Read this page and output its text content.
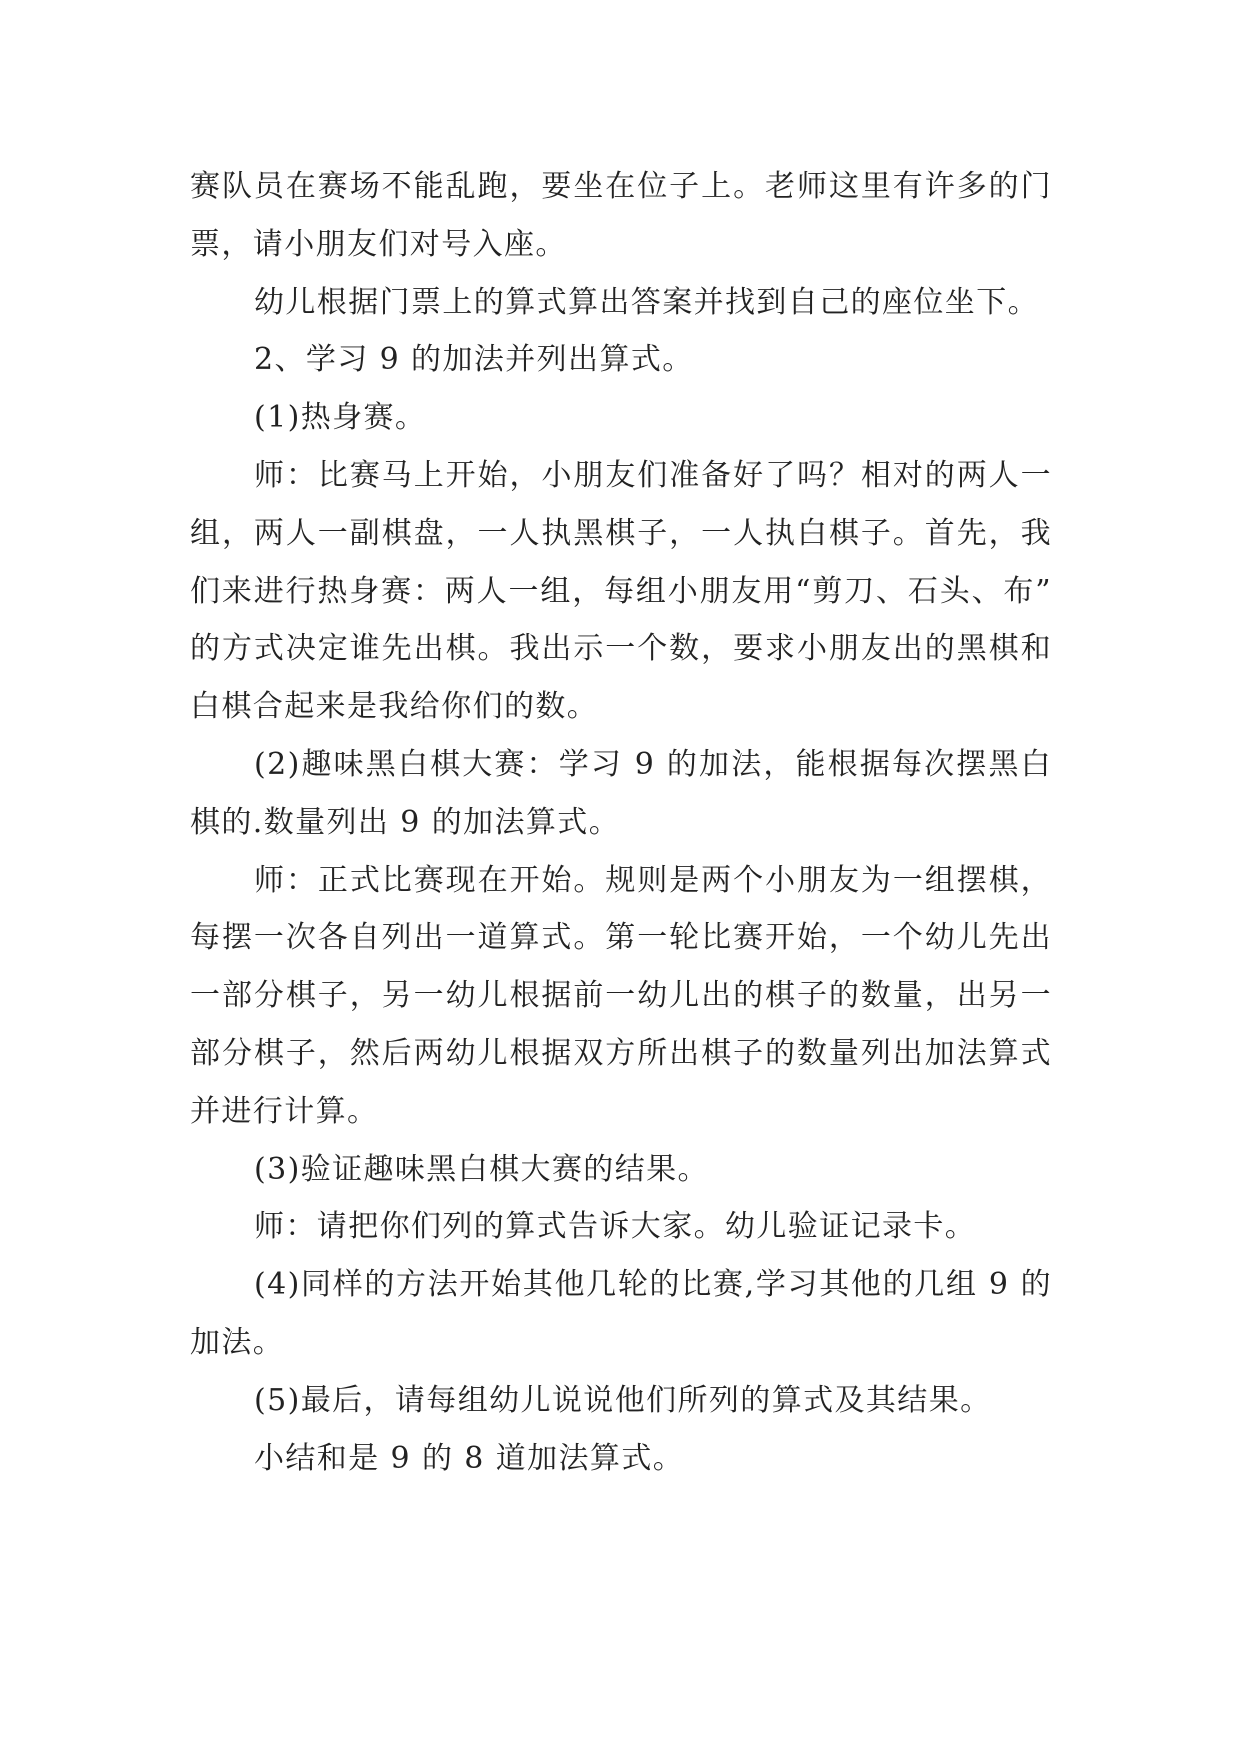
赛队员在赛场不能乱跑，要坐在位子上。老师这里有许多的门票，请小朋友们对号入座。

幼儿根据门票上的算式算出答案并找到自己的座位坐下。

2、学习 9 的加法并列出算式。

(1)热身赛。

师：比赛马上开始，小朋友们准备好了吗？相对的两人一组，两人一副棋盘，一人执黑棋子，一人执白棋子。首先，我们来进行热身赛：两人一组，每组小朋友用“剪刀、石头、布”的方式决定谁先出棋。我出示一个数，要求小朋友出的黑棋和白棋合起来是我给你们的数。

(2)趣味黑白棋大赛：学习 9 的加法，能根据每次摆黑白棋的.数量列出 9 的加法算式。

师：正式比赛现在开始。规则是两个小朋友为一组摆棋，每摆一次各自列出一道算式。第一轮比赛开始，一个幼儿先出一部分棋子，另一幼儿根据前一幼儿出的棋子的数量，出另一部分棋子，然后两幼儿根据双方所出棋子的数量列出加法算式并进行计算。

(3)验证趣味黑白棋大赛的结果。

师：请把你们列的算式告诉大家。幼儿验证记录卡。

(4)同样的方法开始其他几轮的比赛,学习其他的几组 9 的加法。

(5)最后，请每组幼儿说说他们所列的算式及其结果。

小结和是 9 的 8 道加法算式。
